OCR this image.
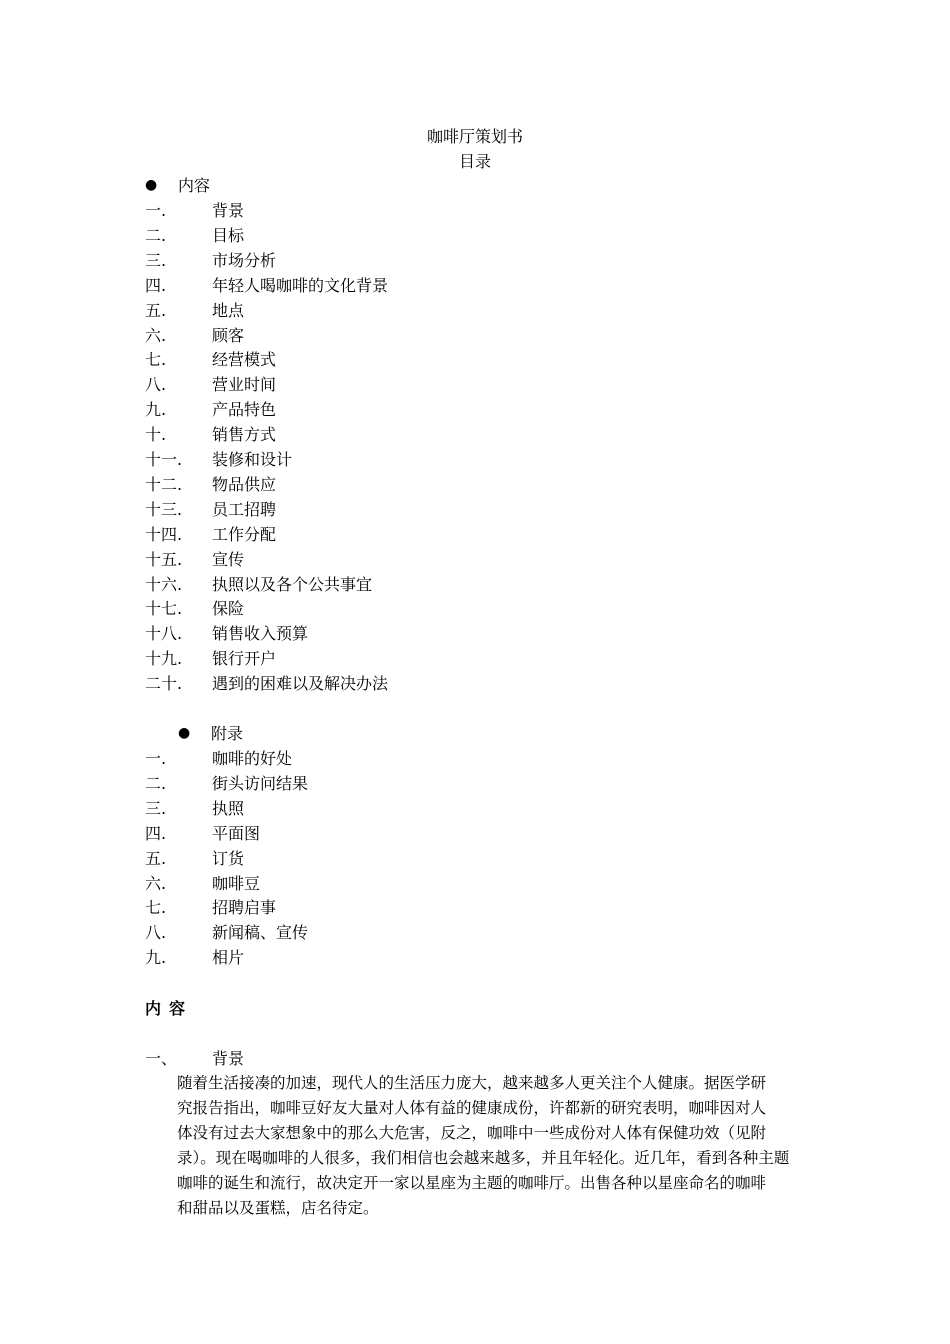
咖啡厅策划书
目录
● 内容
一.	背景
二.	目标
三.	市场分析
四.	年轻人喝咖啡的文化背景
五.	地点
六.	顾客
七.	经营模式
八.	营业时间
九.	产品特色
十.	销售方式
十一. 装修和设计
十二. 物品供应
十三. 员工招聘
十四. 工作分配
十五. 宣传
十六. 执照以及各个公共事宜
十七. 保险
十八. 销售收入预算
十九. 银行开户
二十. 遇到的困难以及解决办法
● 附录
一.	咖啡的好处
二.	街头访问结果
三.	执照
四.	平面图
五.	订货
六.	咖啡豆
七.	招聘启事
八.	新闻稿、宣传
九.	相片
内容
一、 背景
随着生活接凑的加速，现代人的生活压力庞大，越来越多人更关注个人健康。据医学研
究报告指出，咖啡豆好友大量对人体有益的健康成份，许都新的研究表明，咖啡因对人
体没有过去大家想象中的那么大危害，反之，咖啡中一些成份对人体有保健功效（见附
录）。现在喝咖啡的人很多，我们相信也会越来越多，并且年轻化。近几年，看到各种主题
咖啡的诞生和流行，故决定开一家以星座为主题的咖啡厅。出售各种以星座命名的咖啡
和甜品以及蛋糕，店名待定。
